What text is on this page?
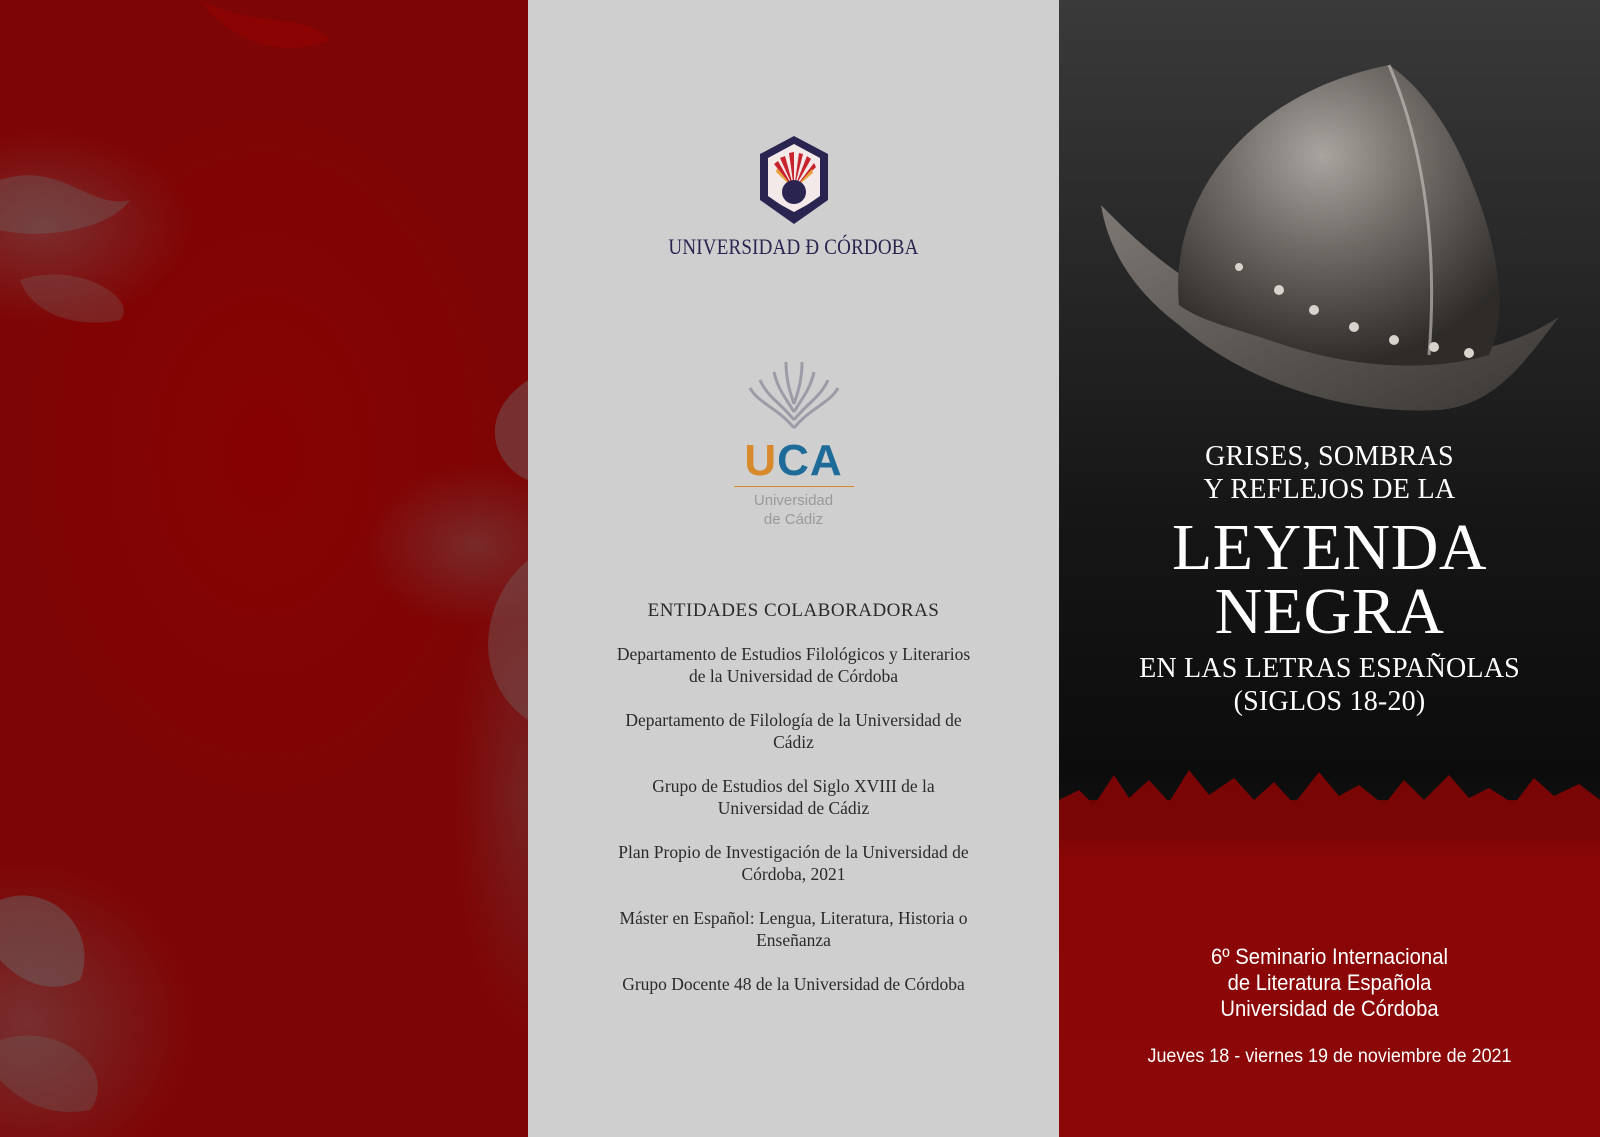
UNIVERSIDAD Ð CÓRDOBA
UCA
Universidad
de Cádiz
ENTIDADES COLABORADORAS
Departamento de Estudios Filológicos y Literarios
de la Universidad de Córdoba
Departamento de Filología de la Universidad de
Cádiz
Grupo de Estudios del Siglo XVIII de la
Universidad de Cádiz
Plan Propio de Investigación de la Universidad de
Córdoba, 2021
Máster en Español: Lengua, Literatura, Historia o
Enseñanza
Grupo Docente 48 de la Universidad de Córdoba
GRISES, SOMBRAS
Y REFLEJOS DE LA
LEYENDA
NEGRA
EN LAS LETRAS ESPAÑOLAS
(SIGLOS 18-20)
6º Seminario Internacional
de Literatura Española
Universidad de Córdoba
Jueves 18 - viernes 19 de noviembre de 2021
